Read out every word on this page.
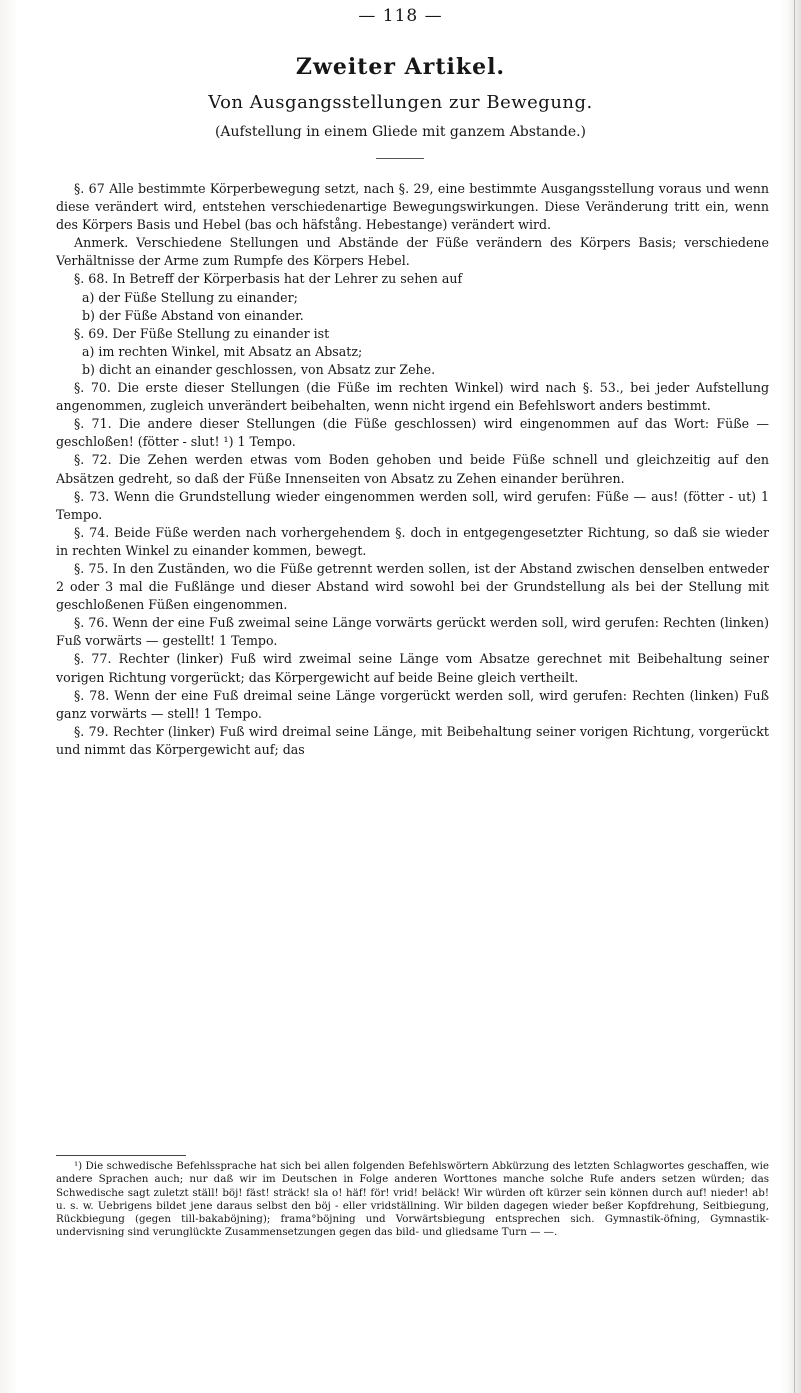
— 118 —
Zweiter Artikel.
Von Ausgangsstellungen zur Bewegung.
(Aufstellung in einem Gliede mit ganzem Abstande.)

§. 67 Alle bestimmte Körperbewegung setzt, nach §. 29, eine bestimmte Ausgangsstellung voraus und wenn diese verändert wird, entstehen verschiedenartige Bewegungswirkungen. Diese Veränderung tritt ein, wenn des Körpers Basis und Hebel (bas och häfstång. Hebestange) verändert wird.

Anmerk. Verschiedene Stellungen und Abstände der Füße verändern des Körpers Basis; verschiedene Verhältnisse der Arme zum Rumpfe des Körpers Hebel.

§. 68. In Betreff der Körperbasis hat der Lehrer zu sehen auf

a) der Füße Stellung zu einander;

b) der Füße Abstand von einander.

§. 69. Der Füße Stellung zu einander ist

a) im rechten Winkel, mit Absatz an Absatz;

b) dicht an einander geschlossen, von Absatz zur Zehe.

§. 70. Die erste dieser Stellungen (die Füße im rechten Winkel) wird nach §. 53., bei jeder Aufstellung angenommen, zugleich unverändert beibehalten, wenn nicht irgend ein Befehlswort anders bestimmt.

§. 71. Die andere dieser Stellungen (die Füße geschlossen) wird eingenommen auf das Wort: Füße — geschloßen! (fötter - slut! ¹) 1 Tempo.

§. 72. Die Zehen werden etwas vom Boden gehoben und beide Füße schnell und gleichzeitig auf den Absätzen gedreht, so daß der Füße Innenseiten von Absatz zu Zehen einander berühren.

§. 73. Wenn die Grundstellung wieder eingenommen werden soll, wird gerufen: Füße — aus! (fötter - ut) 1 Tempo.

§. 74. Beide Füße werden nach vorhergehendem §. doch in entgegengesetzter Richtung, so daß sie wieder in rechten Winkel zu einander kommen, bewegt.

§. 75. In den Zuständen, wo die Füße getrennt werden sollen, ist der Abstand zwischen denselben entweder 2 oder 3 mal die Fußlänge und dieser Abstand wird sowohl bei der Grundstellung als bei der Stellung mit geschloßenen Füßen eingenommen.

§. 76. Wenn der eine Fuß zweimal seine Länge vorwärts gerückt werden soll, wird gerufen: Rechten (linken) Fuß vorwärts — gestellt! 1 Tempo.

§. 77. Rechter (linker) Fuß wird zweimal seine Länge vom Absatze gerechnet mit Beibehaltung seiner vorigen Richtung vorgerückt; das Körpergewicht auf beide Beine gleich vertheilt.

§. 78. Wenn der eine Fuß dreimal seine Länge vorgerückt werden soll, wird gerufen: Rechten (linken) Fuß ganz vorwärts — stell! 1 Tempo.

§. 79. Rechter (linker) Fuß wird dreimal seine Länge, mit Beibehaltung seiner vorigen Richtung, vorgerückt und nimmt das Körpergewicht auf; das

¹) Die schwedische Befehlssprache hat sich bei allen folgenden Befehlswörtern Abkürzung des letzten Schlagwortes geschaffen, wie andere Sprachen auch; nur daß wir im Deutschen in Folge anderen Worttones manche solche Rufe anders setzen würden; das Schwedische sagt zuletzt ställ! böj! fäst! sträck! sla o! häf! för! vrid! beläck! Wir würden oft kürzer sein können durch auf! nieder! ab! u. s. w. Uebrigens bildet jene daraus selbst den böj - eller vridställning. Wir bilden dagegen wieder beßer Kopfdrehung, Seitbiegung, Rückbiegung (gegen till-bakaböjning); frama°böjning und Vorwärtsbiegung entsprechen sich. Gymnastik-öfning, Gymnastik-undervisning sind verunglückte Zusammensetzungen gegen das bild- und gliedsame Turn — —.
